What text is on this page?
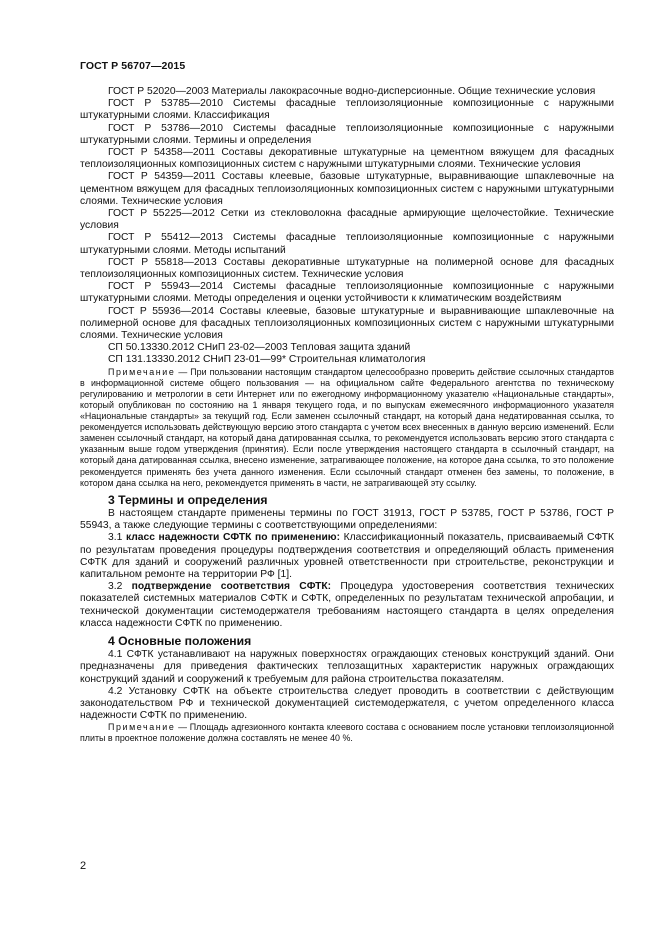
ГОСТ Р 56707—2015

ГОСТ Р 52020—2003 Материалы лакокрасочные водно-дисперсионные. Общие технические условия

ГОСТ Р 53785—2010 Системы фасадные теплоизоляционные композиционные с наружными штукатурными слоями. Классификация

ГОСТ Р 53786—2010 Системы фасадные теплоизоляционные композиционные с наружными штукатурными слоями. Термины и определения

ГОСТ Р 54358—2011 Составы декоративные штукатурные на цементном вяжущем для фасадных теплоизоляционных композиционных систем с наружными штукатурными слоями. Технические условия

ГОСТ Р 54359—2011 Составы клеевые, базовые штукатурные, выравнивающие шпаклевочные на цементном вяжущем для фасадных теплоизоляционных композиционных систем с наружными штукатурными слоями. Технические условия

ГОСТ Р 55225—2012 Сетки из стекловолокна фасадные армирующие щелочестойкие. Технические условия

ГОСТ Р 55412—2013 Системы фасадные теплоизоляционные композиционные с наружными штукатурными слоями. Методы испытаний

ГОСТ Р 55818—2013 Составы декоративные штукатурные на полимерной основе для фасадных теплоизоляционных композиционных систем. Технические условия

ГОСТ Р 55943—2014 Системы фасадные теплоизоляционные композиционные с наружными штукатурными слоями. Методы определения и оценки устойчивости к климатическим воздействиям

ГОСТ Р 55936—2014 Составы клеевые, базовые штукатурные и выравнивающие шпаклевочные на полимерной основе для фасадных теплоизоляционных композиционных систем с наружными штукатурными слоями. Технические условия

СП 50.13330.2012 СНиП 23-02—2003 Тепловая защита зданий

СП 131.13330.2012 СНиП 23-01—99* Строительная климатология

Примечание — При пользовании настоящим стандартом целесообразно проверить действие ссылочных стандартов в информационной системе общего пользования — на официальном сайте Федерального агентства по техническому регулированию и метрологии в сети Интернет или по ежегодному информационному указателю «Национальные стандарты», который опубликован по состоянию на 1 января текущего года, и по выпускам ежемесячного информационного указателя «Национальные стандарты» за текущий год. Если заменен ссылочный стандарт, на который дана недатированная ссылка, то рекомендуется использовать действующую версию этого стандарта с учетом всех внесенных в данную версию изменений. Если заменен ссылочный стандарт, на который дана датированная ссылка, то рекомендуется использовать версию этого стандарта с указанным выше годом утверждения (принятия). Если после утверждения настоящего стандарта в ссылочный стандарт, на который дана датированная ссылка, внесено изменение, затрагивающее положение, на которое дана ссылка, то это положение рекомендуется применять без учета данного изменения. Если ссылочный стандарт отменен без замены, то положение, в котором дана ссылка на него, рекомендуется применять в части, не затрагивающей эту ссылку.

3 Термины и определения

В настоящем стандарте применены термины по ГОСТ 31913, ГОСТ Р 53785, ГОСТ Р 53786, ГОСТ Р 55943, а также следующие термины с соответствующими определениями:

3.1 класс надежности СФТК по применению: Классификационный показатель, присваиваемый СФТК по результатам проведения процедуры подтверждения соответствия и определяющий область применения СФТК для зданий и сооружений различных уровней ответственности при строительстве, реконструкции и капитальном ремонте на территории РФ [1].

3.2 подтверждение соответствия СФТК: Процедура удостоверения соответствия технических показателей системных материалов СФТК и СФТК, определенных по результатам технической апробации, и технической документации системодержателя требованиям настоящего стандарта в целях определения класса надежности СФТК по применению.

4 Основные положения

4.1 СФТК устанавливают на наружных поверхностях ограждающих стеновых конструкций зданий. Они предназначены для приведения фактических теплозащитных характеристик наружных ограждающих конструкций зданий и сооружений к требуемым для района строительства показателям.

4.2 Установку СФТК на объекте строительства следует проводить в соответствии с действующим законодательством РФ и технической документацией системодержателя, с учетом определенного класса надежности СФТК по применению.

Примечание — Площадь адгезионного контакта клеевого состава с основанием после установки теплоизоляционной плиты в проектное положение должна составлять не менее 40 %.

2
